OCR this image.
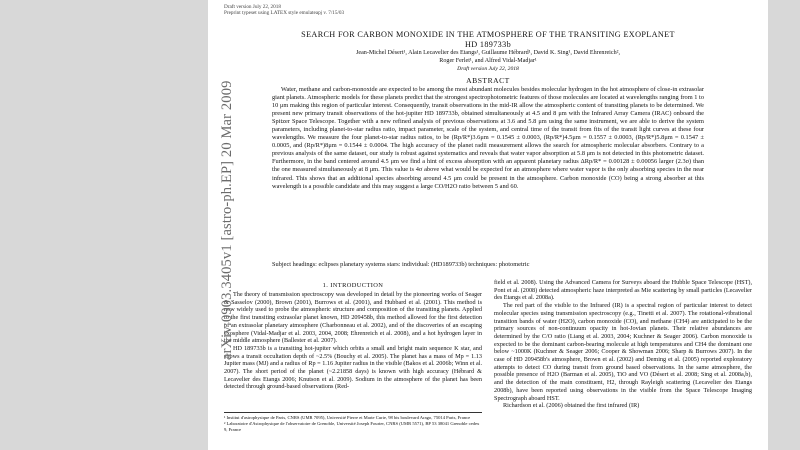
Draft version July 22, 2018
Preprint typeset using LATEX style emulateapj v. 7/15/03
SEARCH FOR CARBON MONOXIDE IN THE ATMOSPHERE OF THE TRANSITING EXOPLANET
HD 189733b
Jean-Michel Désert¹, Alain Lecavelier des Etangs¹, Guillaume Hébrard¹, David K. Sing¹, David Ehrenreich²,
Roger Ferlet¹, and Alfred Vidal-Madjar¹
Draft version July 22, 2018
ABSTRACT

Water, methane and carbon-monoxide are expected to be among the most abundant molecules besides molecular hydrogen in the hot atmosphere of close-in extrasolar giant planets. Atmospheric models for these planets predict that the strongest spectrophotometric features of those molecules are located at wavelengths ranging from 1 to 10 μm making this region of particular interest. Consequently, transit observations in the mid-IR allow the atmospheric content of transiting planets to be determined. We present new primary transit observations of the hot-jupiter HD 189733b, obtained simultaneously at 4.5 and 8 μm with the Infrared Array Camera (IRAC) onboard the Spitzer Space Telescope. Together with a new refined analysis of previous observations at 3.6 and 5.8 μm using the same instrument, we are able to derive the system parameters, including planet-to-star radius ratio, impact parameter, scale of the system, and central time of the transit from fits of the transit light curves at these four wavelengths. We measure the four planet-to-star radius ratios, to be (Rp/R*)3.6μm = 0.1545 ± 0.0003, (Rp/R*)4.5μm = 0.1557 ± 0.0003, (Rp/R*)5.8μm = 0.1547 ± 0.0005, and (Rp/R*)8μm = 0.1544 ± 0.0004. The high accuracy of the planet radii measurement allows the search for atmospheric molecular absorbers. Contrary to a previous analysis of the same dataset, our study is robust against systematics and reveals that water vapor absorption at 5.8 μm is not detected in this photometric dataset. Furthermore, in the band centered around 4.5 μm we find a hint of excess absorption with an apparent planetary radius ΔRp/R* = 0.00128 ± 0.00056 larger (2.3σ) than the one measured simultaneously at 8 μm. This value is 4σ above what would be expected for an atmosphere where water vapor is the only absorbing species in the near infrared. This shows that an additional species absorbing around 4.5 μm could be present in the atmosphere. Carbon monoxide (CO) being a strong absorber at this wavelength is a possible candidate and this may suggest a large CO/H2O ratio between 5 and 60.

Subject headings: eclipses planetary systems stars: individual: (HD189733b) techniques: photometric
1. INTRODUCTION

The theory of transmission spectroscopy was developed in detail by the pioneering works of Seager & Sasselov (2000), Brown (2001), Burrows et al. (2001), and Hubbard et al. (2001). This method is now widely used to probe the atmospheric structure and composition of the transiting planets. Applied to the first transiting extrasolar planet known, HD 209458b, this method allowed for the first detection of an extrasolar planetary atmosphere (Charbonneau et al. 2002), and of the discoveries of an escaping exosphere (Vidal-Madjar et al. 2003, 2004, 2008; Ehrenreich et al. 2008), and a hot hydrogen layer in the middle atmosphere (Ballester et al. 2007).

HD 189733b is a transiting hot-jupiter which orbits a small and bright main sequence K star, and shows a transit occultation depth of ~2.5% (Bouchy et al. 2005). The planet has a mass of Mp = 1.13 Jupiter mass (MJ) and a radius of Rp = 1.16 Jupiter radius in the visible (Bakos et al. 2006b; Winn et al. 2007). The short period of the planet (~2.21858 days) is known with high accuracy (Hébrard & Lecavelier des Etangs 2006; Knutson et al. 2009). Sodium in the atmosphere of the planet has been detected through ground-based observations (Red-

¹ Institut d'astrophysique de Paris, CNRS (UMR 7095), Université Pierre et Marie Curie, 98 bis boulevard Arago, 75014 Paris, France

² Laboratoire d'Astrophysique de l'observatoire de Grenoble, Université Joseph Fourier, CNRS (UMR 5571), BP 53 38041 Grenoble cedex 9, France

field et al. 2008). Using the Advanced Camera for Surveys aboard the Hubble Space Telescope (HST), Pont et al. (2008) detected atmospheric haze interpreted as Mie scattering by small particles (Lecavelier des Etangs et al. 2008a).

The red part of the visible to the Infrared (IR) is a spectral region of particular interest to detect molecular species using transmission spectroscopy (e.g., Tinetti et al. 2007). The rotational-vibrational transition bands of water (H2O), carbon monoxide (CO), and methane (CH4) are anticipated to be the primary sources of non-continuum opacity in hot-Jovian planets. Their relative abundances are determined by the C/O ratio (Liang et al. 2003, 2004; Kuchner & Seager 2006). Carbon monoxide is expected to be the dominant carbon-bearing molecule at high temperatures and CH4 the dominant one below ~1000K (Kuchner & Seager 2006; Cooper & Showman 2006; Sharp & Burrows 2007). In the case of HD 209458b's atmosphere, Brown et al. (2002) and Deming et al. (2005) reported exploratory attempts to detect CO during transit from ground based observations. In the same atmosphere, the possible presence of H2O (Barman et al. 2005), TiO and VO (Désert et al. 2008; Sing et al. 2008a,b), and the detection of the main constituent, H2, through Rayleigh scattering (Lecavelier des Etangs 2008b), have been reported using observations in the visible from the Space Telescope Imaging Spectrograph aboard HST.

Richardson et al. (2006) obtained the first infrared (IR)

arXiv:0903.3405v1 [astro-ph.EP] 20 Mar 2009
